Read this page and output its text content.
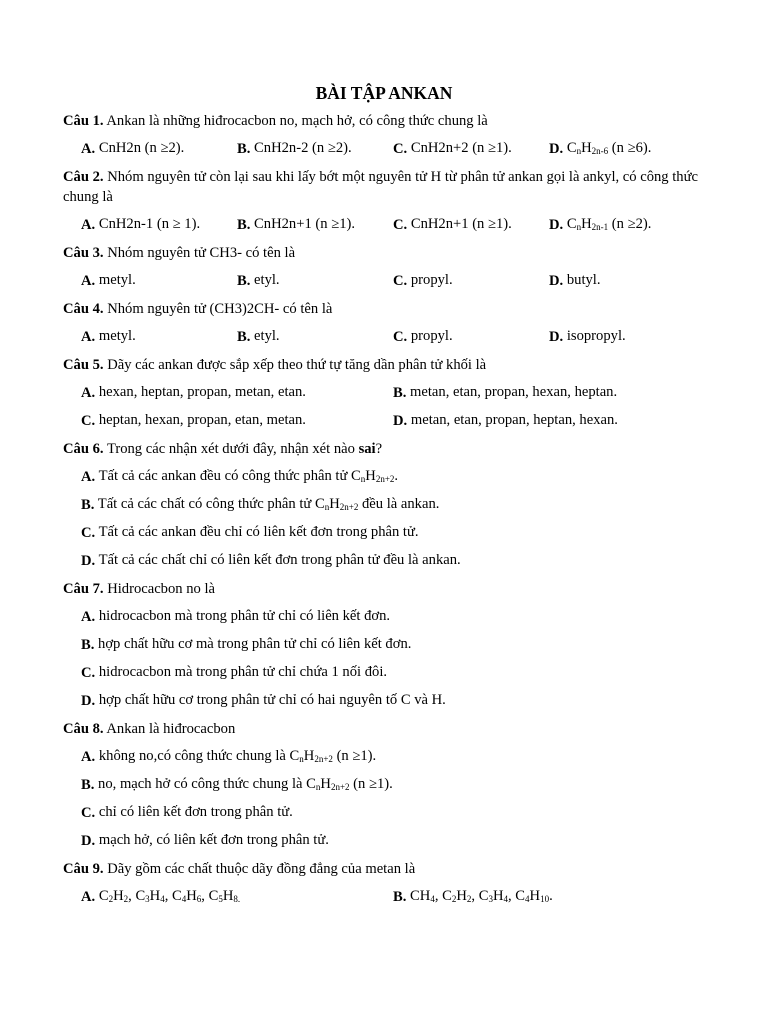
BÀI TẬP ANKAN
Câu 1. Ankan là những hiđrocacbon no, mạch hở, có công thức chung là
A. CnH2n (n ≥2).	B. CnH2n-2 (n ≥2).	C. CnH2n+2 (n ≥1).	D. $C_nH_{2n-6}$ (n ≥6).
Câu 2. Nhóm nguyên tử còn lại sau khi lấy bớt một nguyên tử H từ phân tử ankan gọi là ankyl, có công thức chung là
A. CnH2n-1 (n ≥ 1).	B. CnH2n+1 (n ≥1).	C. CnH2n+1 (n ≥1).	D. $C_nH_{2n-1}$ (n ≥2).
Câu 3. Nhóm nguyên tử CH3- có tên là
A. metyl.	B. etyl.	C. propyl.	D. butyl.
Câu 4. Nhóm nguyên tử (CH3)2CH- có tên là
A. metyl.	B. etyl.	C. propyl.	D. isopropyl.
Câu 5. Dãy các ankan được sắp xếp theo thứ tự tăng dần phân tử khối là
A. hexan, heptan, propan, metan, etan.	B. metan, etan, propan, hexan, heptan.
C. heptan, hexan, propan, etan, metan.	D. metan, etan, propan, heptan, hexan.
Câu 6. Trong các nhận xét dưới đây, nhận xét nào sai?
A. Tất cả các ankan đều có công thức phân tử $C_nH_{2n+2}$.
B. Tất cả các chất có công thức phân tử $C_nH_{2n+2}$ đều là ankan.
C. Tất cả các ankan đều chỉ có liên kết đơn trong phân tử.
D. Tất cả các chất chỉ có liên kết đơn trong phân tử đều là ankan.
Câu 7. Hidrocacbon no là
A. hidrocacbon mà trong phân tử chỉ có liên kết đơn.
B. hợp chất hữu cơ mà trong phân tử chỉ có liên kết đơn.
C. hidrocacbon mà trong phân tử chỉ chứa 1 nối đôi.
D. hợp chất hữu cơ trong phân tử chỉ có hai nguyên tố C và H.
Câu 8. Ankan là hiđrocacbon
A. không no,có công thức chung là $C_nH_{2n+2}$ (n ≥1).
B. no, mạch hở có công thức chung là $C_nH_{2n+2}$ (n ≥1).
C. chỉ có liên kết đơn trong phân tử.
D. mạch hở, có liên kết đơn trong phân tử.
Câu 9. Dãy gồm các chất thuộc dãy đồng đẳng của metan là
A. $C_2H_2$, $C_3H_4$, $C_4H_6$, $C_5H_{8.}$	B. $CH_4$, $C_2H_2$, $C_3H_4$, $C_4H_{10}$.
